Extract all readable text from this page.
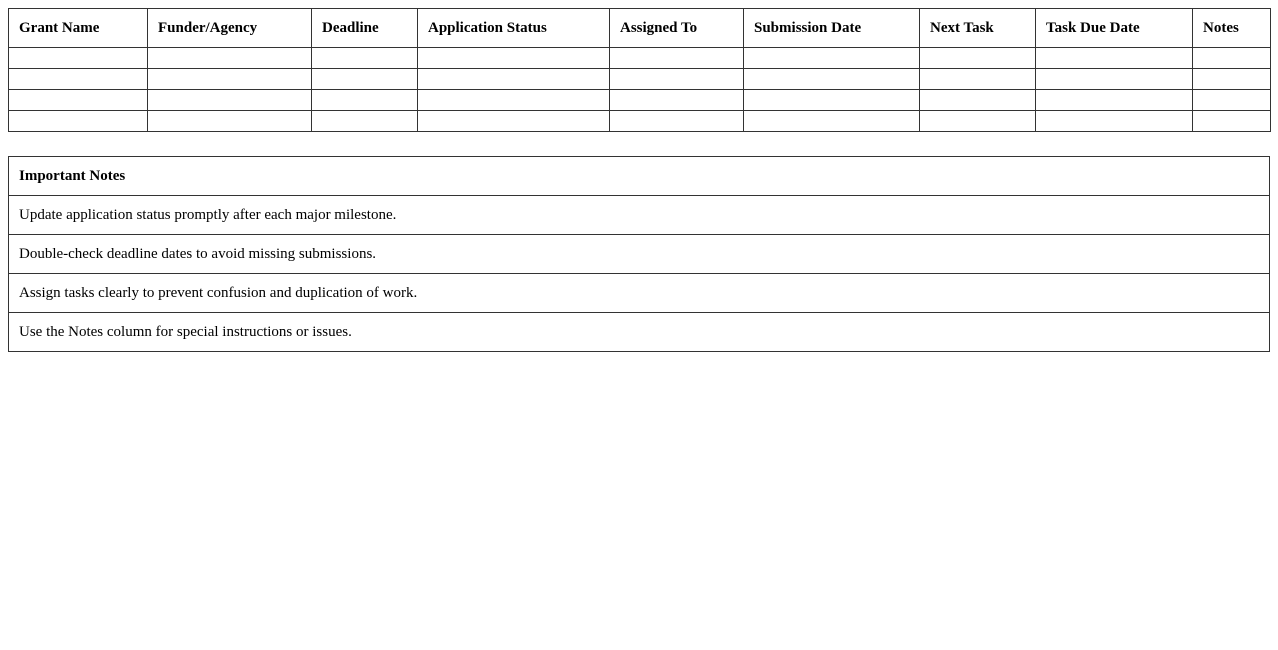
Grant Name	Funder/Agency	Deadline	Application Status	Assigned To	Submission Date	Next Task	Task Due Date	Notes

Important Notes
Update application status promptly after each major milestone.
Double-check deadline dates to avoid missing submissions.
Assign tasks clearly to prevent confusion and duplication of work.
Use the Notes column for special instructions or issues.
